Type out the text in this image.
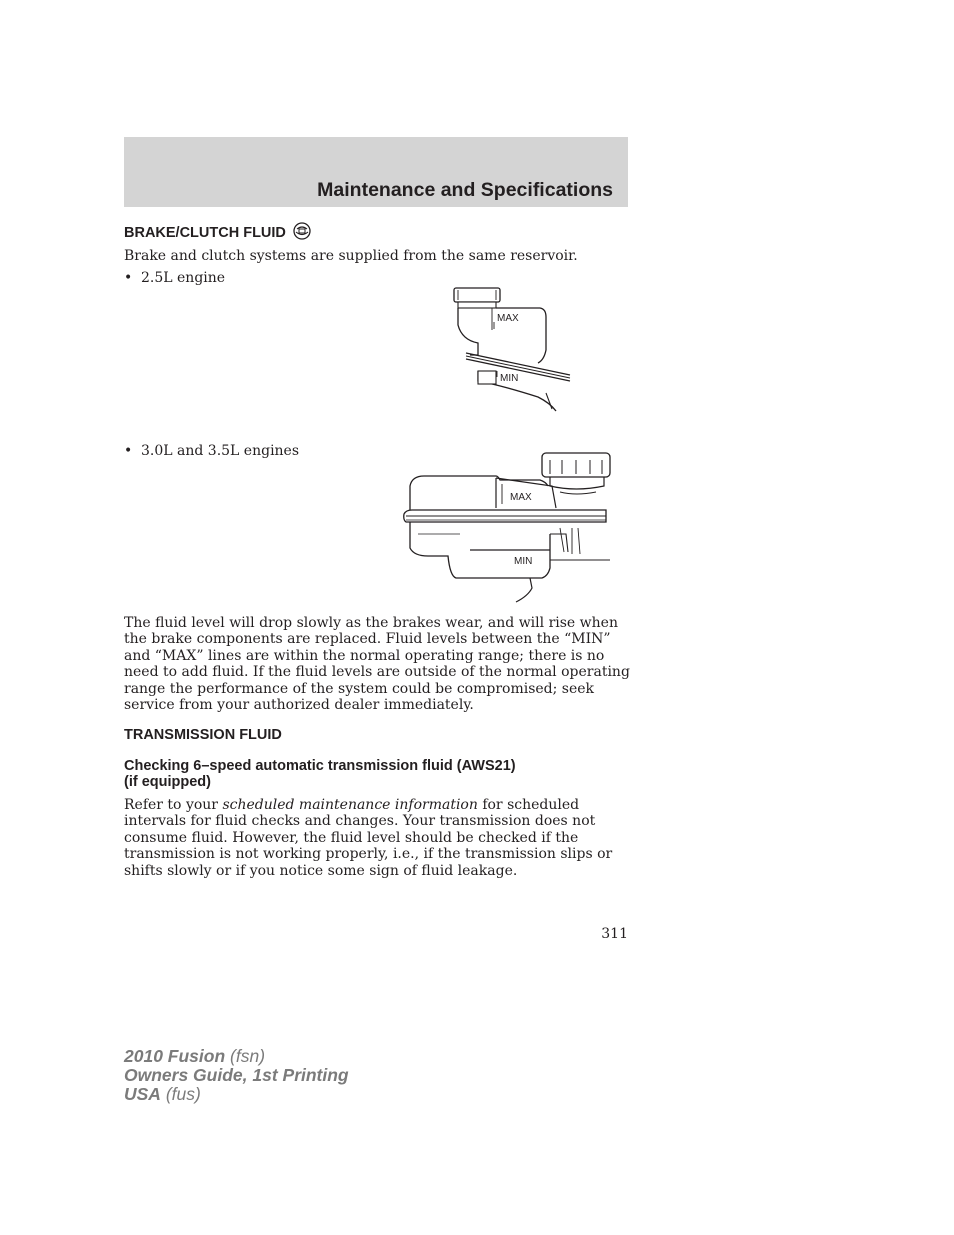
Maintenance and Specifications
BRAKE/CLUTCH FLUID
Brake and clutch systems are supplied from the same reservoir.
• 2.5L engine
MAX
MIN
• 3.0L and 3.5L engines
MAX
MIN
The fluid level will drop slowly as the brakes wear, and will rise when the brake components are replaced. Fluid levels between the “MIN” and “MAX” lines are within the normal operating range; there is no need to add fluid. If the fluid levels are outside of the normal operating range the performance of the system could be compromised; seek service from your authorized dealer immediately.
TRANSMISSION FLUID
Checking 6–speed automatic transmission fluid (AWS21)
(if equipped)
Refer to your scheduled maintenance information for scheduled intervals for fluid checks and changes. Your transmission does not consume fluid. However, the fluid level should be checked if the transmission is not working properly, i.e., if the transmission slips or shifts slowly or if you notice some sign of fluid leakage.
311
2010 Fusion (fsn)
Owners Guide, 1st Printing
USA (fus)
